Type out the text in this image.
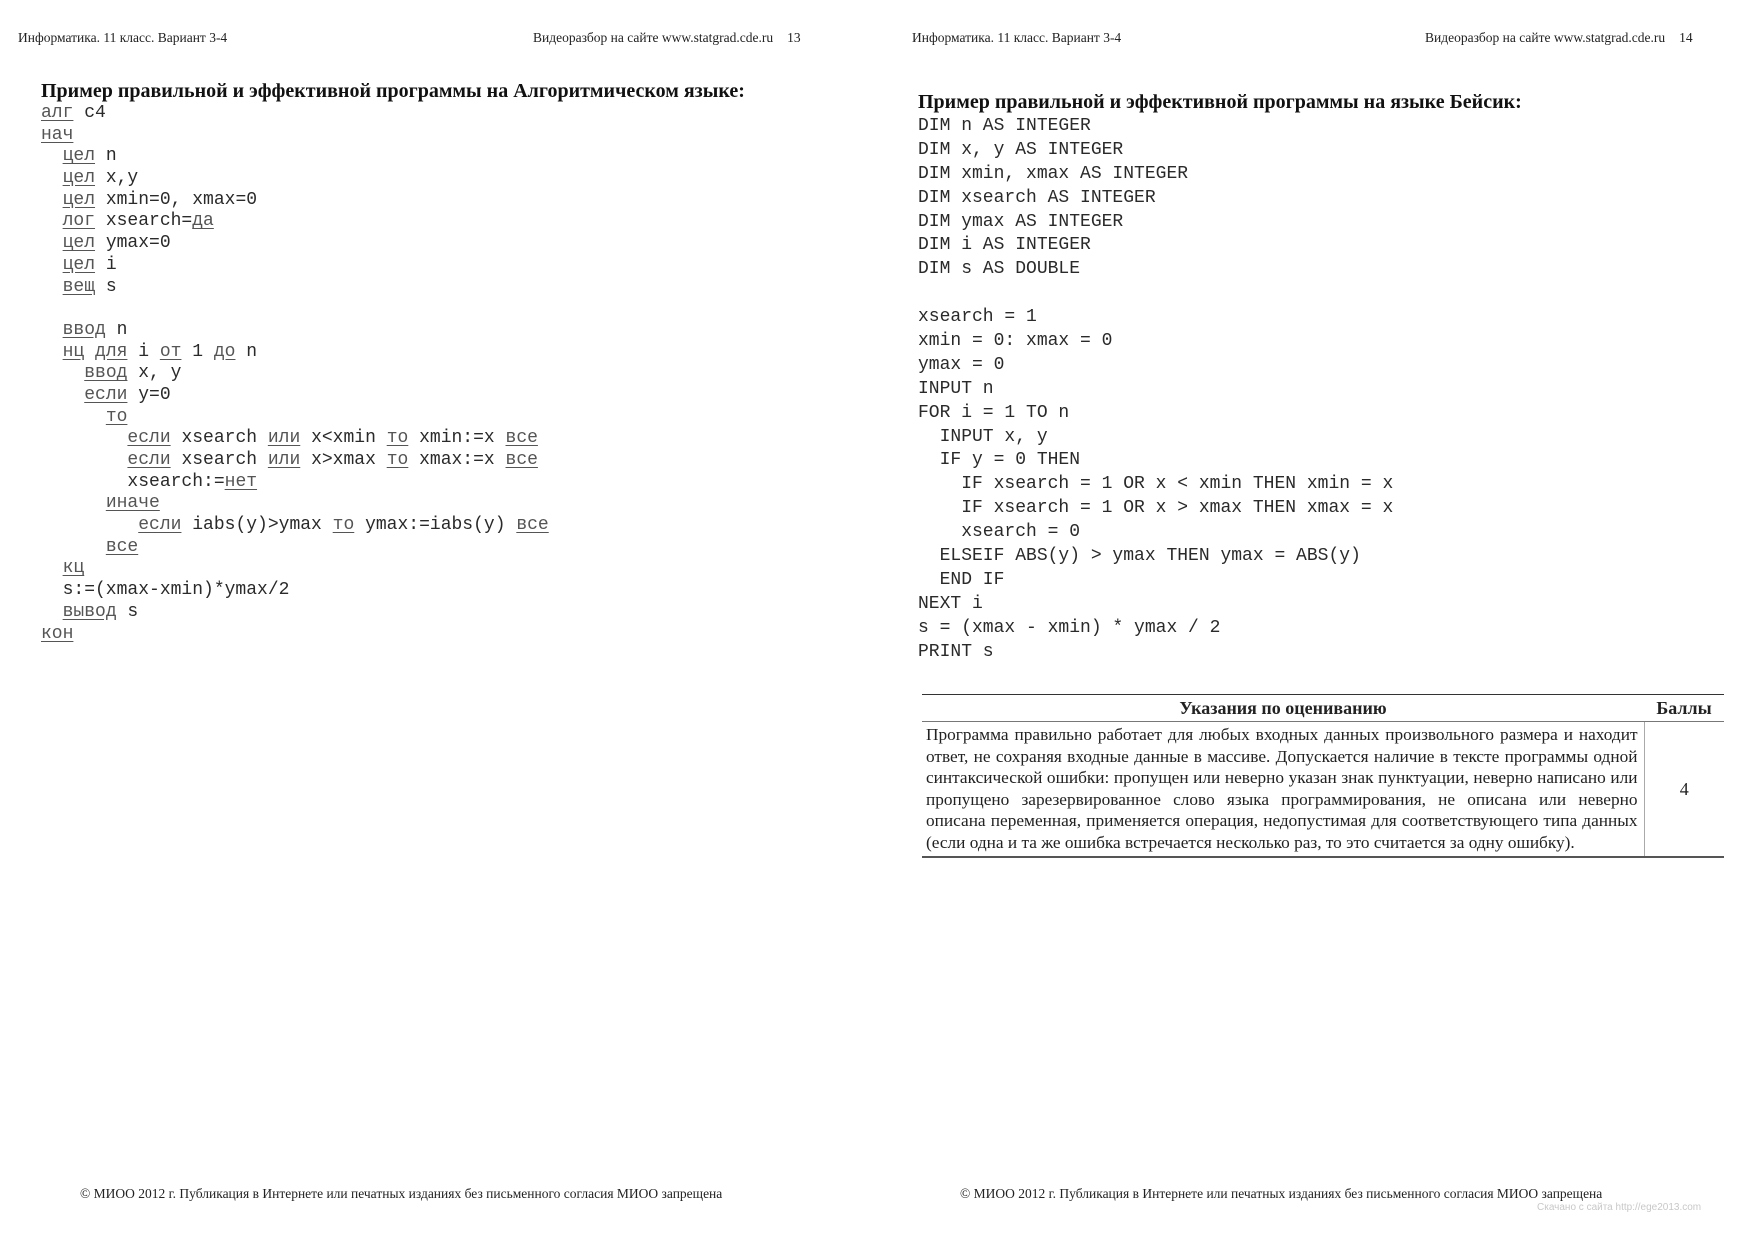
Информатика. 11 класс. Вариант 3-4	Видеоразбор на сайте www.statgrad.cde.ru 13
Пример правильной и эффективной программы на Алгоритмическом языке:
алг с4
нач
цел n
цел x,y
цел xmin=0, xmax=0
лог xsearch=да
цел ymax=0
цел i
вещ s

ввод n
нц для i от 1 до n
ввод x, y
если y=0
то
если xsearch или x<xmin то xmin:=x все
если xsearch или x>xmax то xmax:=x все
xsearch:=нет
иначе
если iabs(y)>ymax то ymax:=iabs(y) все
все
кц
s:=(xmax-xmin)*ymax/2
вывод s
кон
© МИОО 2012 г. Публикация в Интернете или печатных изданиях без письменного согласия МИОО запрещена
Информатика. 11 класс. Вариант 3-4	Видеоразбор на сайте www.statgrad.cde.ru 14
Пример правильной и эффективной программы на языке Бейсик:
DIM n AS INTEGER
DIM x, y AS INTEGER
DIM xmin, xmax AS INTEGER
DIM xsearch AS INTEGER
DIM ymax AS INTEGER
DIM i AS INTEGER
DIM s AS DOUBLE

xsearch = 1
xmin = 0: xmax = 0
ymax = 0
INPUT n
FOR i = 1 TO n
INPUT x, y
IF y = 0 THEN
IF xsearch = 1 OR x < xmin THEN xmin = x
IF xsearch = 1 OR x > xmax THEN xmax = x
xsearch = 0
ELSEIF ABS(y) > ymax THEN ymax = ABS(y)
END IF
NEXT i
s = (xmax - xmin) * ymax / 2
PRINT s
Указания по оцениванию	Баллы
Программа правильно работает для любых входных данных произвольного размера и находит ответ, не сохраняя входные данные в массиве. Допускается наличие в тексте программы одной синтаксической ошибки: пропущен или неверно указан знак пунктуации, неверно написано или пропущено зарезервированное слово языка программирования, не описана или неверно описана переменная, применяется операция, недопустимая для соответствующего типа данных (если одна и та же ошибка встречается несколько раз, то это считается за одну ошибку).	4
© МИОО 2012 г. Публикация в Интернете или печатных изданиях без письменного согласия МИОО запрещена
Скачано с сайта http://ege2013.com
